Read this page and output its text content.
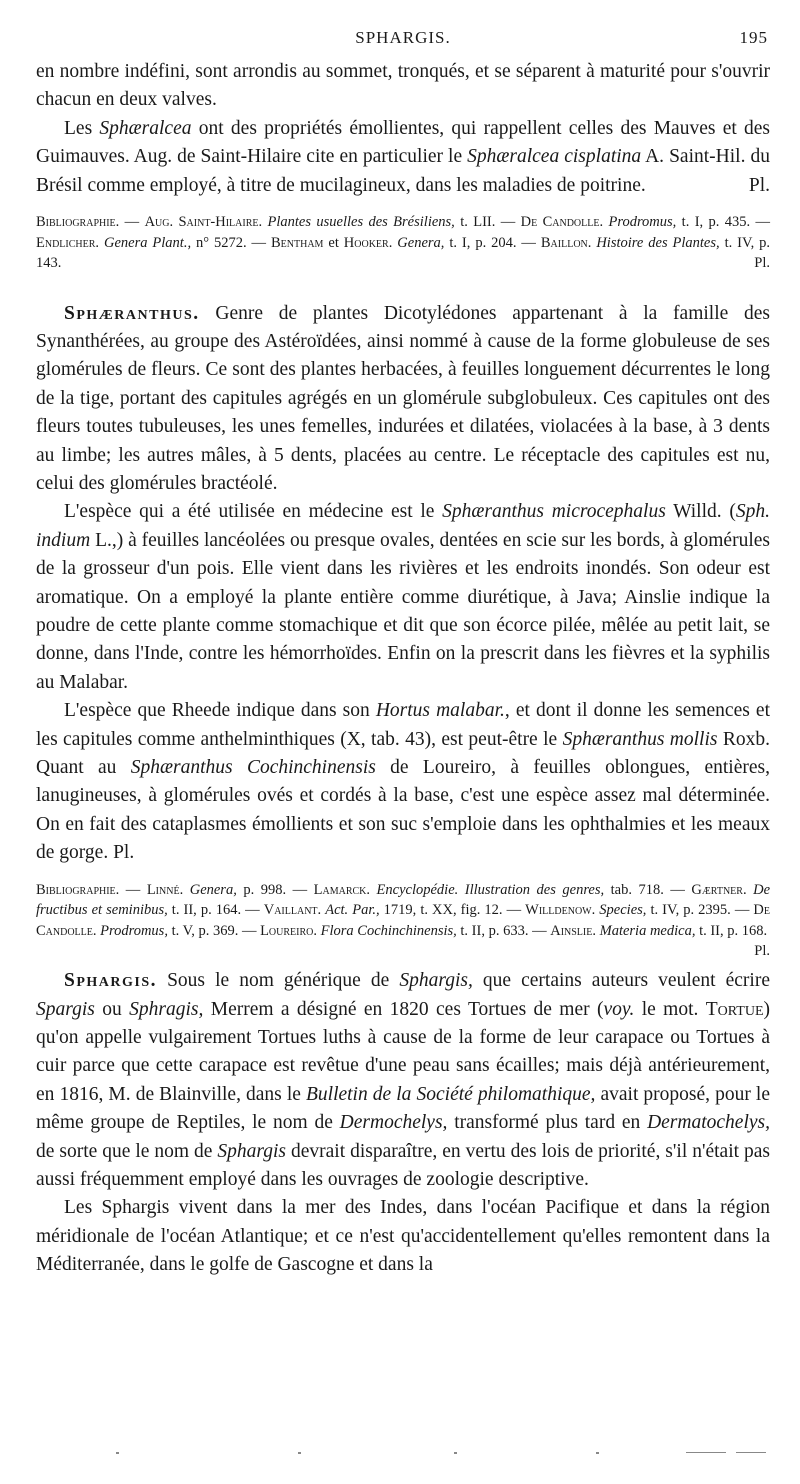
SPHARGIS.	195

en nombre indéfini, sont arrondis au sommet, tronqués, et se séparent à maturité pour s'ouvrir chacun en deux valves.

Les Sphæralcea ont des propriétés émollientes, qui rappellent celles des Mauves et des Guimauves. Aug. de Saint-Hilaire cite en particulier le Sphæralcea cisplatina A. Saint-Hil. du Brésil comme employé, à titre de mucilagineux, dans les maladies de poitrine.	Pl.

Bibliographie. — Aug. Saint-Hilaire. Plantes usuelles des Brésiliens, t. LII. — De Candolle. Prodromus, t. I, p. 435. — Endlicher. Genera Plant., n° 5272. — Bentham et Hooker. Genera, t. I, p. 204. — Baillon. Histoire des Plantes, t. IV, p. 143.	Pl.

Sphæranthus. Genre de plantes Dicotylédones appartenant à la famille des Synanthérées, au groupe des Astéroïdées, ainsi nommé à cause de la forme globuleuse de ses glomérules de fleurs. Ce sont des plantes herbacées, à feuilles longuement décurrentes le long de la tige, portant des capitules agrégés en un glomérule subglobuleux. Ces capitules ont des fleurs toutes tubuleuses, les unes femelles, indurées et dilatées, violacées à la base, à 3 dents au limbe; les autres mâles, à 5 dents, placées au centre. Le réceptacle des capitules est nu, celui des glomérules bractéolé.

L'espèce qui a été utilisée en médecine est le Sphæranthus microcephalus Willd. (Sph. indium L.,) à feuilles lancéolées ou presque ovales, dentées en scie sur les bords, à glomérules de la grosseur d'un pois. Elle vient dans les rivières et les endroits inondés. Son odeur est aromatique. On a employé la plante entière comme diurétique, à Java; Ainslie indique la poudre de cette plante comme stomachique et dit que son écorce pilée, mêlée au petit lait, se donne, dans l'Inde, contre les hémorrhoïdes. Enfin on la prescrit dans les fièvres et la syphilis au Malabar.

L'espèce que Rheede indique dans son Hortus malabar., et dont il donne les semences et les capitules comme anthelminthiques (X, tab. 43), est peut-être le Sphæranthus mollis Roxb. Quant au Sphæranthus Cochinchinensis de Loureiro, à feuilles oblongues, entières, lanugineuses, à glomérules ovés et cordés à la base, c'est une espèce assez mal déterminée. On en fait des cataplasmes émollients et son suc s'emploie dans les ophthalmies et les meaux de gorge. Pl.

Bibliographie. — Linné. Genera, p. 998. — Lamarck. Encyclopédie. Illustration des genres, tab. 718. — Gærtner. De fructibus et seminibus, t. II, p. 164. — Vaillant. Act. Par., 1719, t. XX, fig. 12. — Willdenow. Species, t. IV, p. 2395. — De Candolle. Prodromus, t. V, p. 369. — Loureiro. Flora Cochinchinensis, t. II, p. 633. — Ainslie. Materia medica, t. II, p. 168.
Pl.

Sphargis. Sous le nom générique de Sphargis, que certains auteurs veulent écrire Spargis ou Sphragis, Merrem a désigné en 1820 ces Tortues de mer (voy. le mot. Tortue) qu'on appelle vulgairement Tortues luths à cause de la forme de leur carapace ou Tortues à cuir parce que cette carapace est revêtue d'une peau sans écailles; mais déjà antérieurement, en 1816, M. de Blainville, dans le Bulletin de la Société philomathique, avait proposé, pour le même groupe de Reptiles, le nom de Dermochelys, transformé plus tard en Dermatochelys, de sorte que le nom de Sphargis devrait disparaître, en vertu des lois de priorité, s'il n'était pas aussi fréquemment employé dans les ouvrages de zoologie descriptive.

Les Sphargis vivent dans la mer des Indes, dans l'océan Pacifique et dans la région méridionale de l'océan Atlantique; et ce n'est qu'accidentellement qu'elles remontent dans la Méditerranée, dans le golfe de Gascogne et dans la
